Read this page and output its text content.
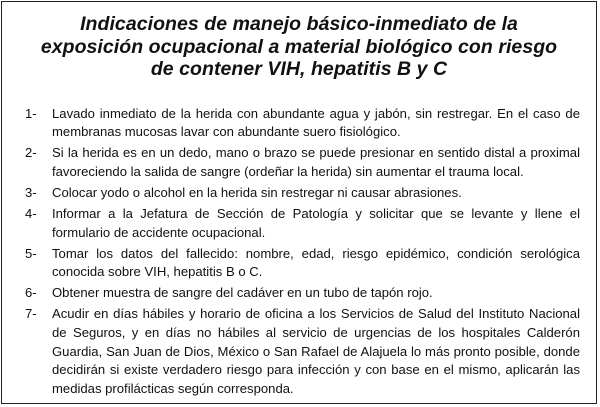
Indicaciones de manejo básico-inmediato de la
exposición ocupacional a material biológico con riesgo
de contener VIH, hepatitis B y C
1- Lavado inmediato de la herida con abundante agua y jabón, sin restregar. En el caso de membranas mucosas lavar con abundante suero fisiológico.
2- Si la herida es en un dedo, mano o brazo se puede presionar en sentido distal a proximal favoreciendo la salida de sangre (ordeñar la herida) sin aumentar el trauma local.
3- Colocar yodo o alcohol en la herida sin restregar ni causar abrasiones.
4- Informar a la Jefatura de Sección de Patología y solicitar que se levante y llene el formulario de accidente ocupacional.
5- Tomar los datos del fallecido: nombre, edad, riesgo epidémico, condición serológica conocida sobre VIH, hepatitis B o C.
6- Obtener muestra de sangre del cadáver en un tubo de tapón rojo.
7- Acudir en días hábiles y horario de oficina a los Servicios de Salud del Instituto Nacional de Seguros, y en días no hábiles al servicio de urgencias de los hospitales Calderón Guardia, San Juan de Dios, México o San Rafael de Alajuela lo más pronto posible, donde decidirán si existe verdadero riesgo para infección y con base en el mismo, aplicarán las medidas profilácticas según corresponda.
